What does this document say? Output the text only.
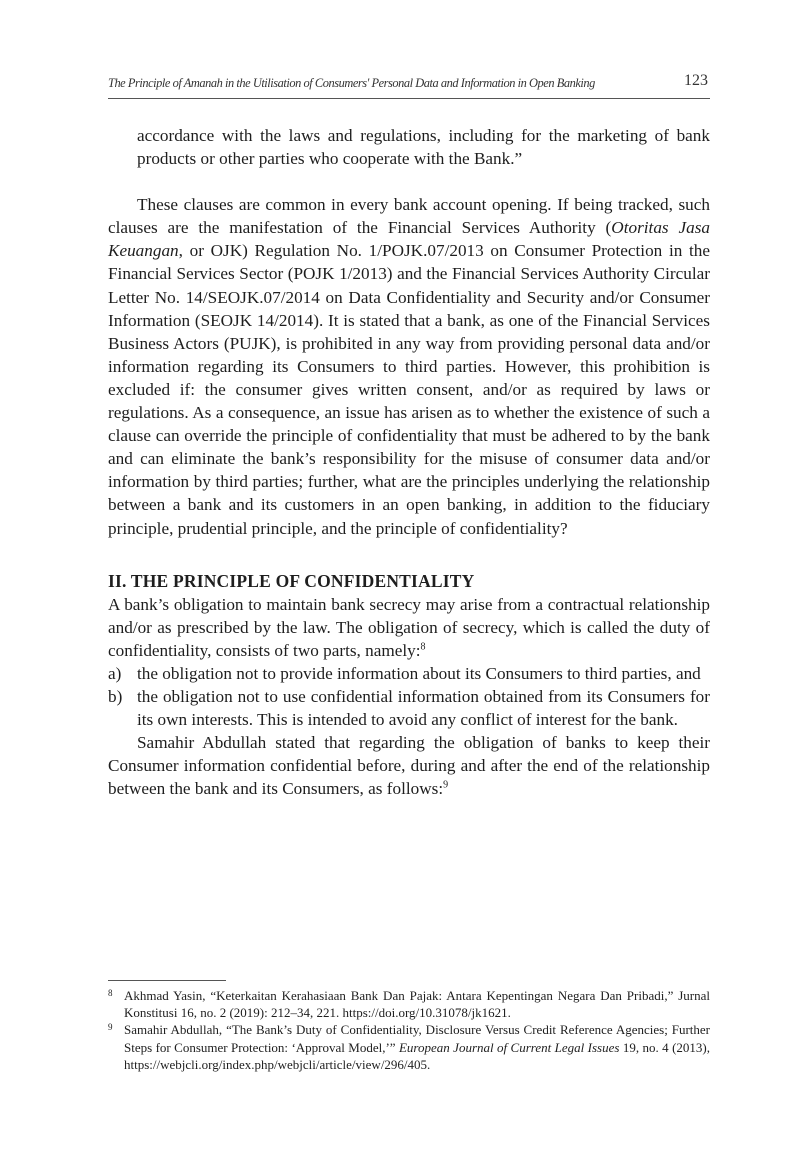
The Principle of Amanah in the Utilisation of Consumers' Personal Data and Information in Open Banking	123

accordance with the laws and regulations, including for the marketing of bank products or other parties who cooperate with the Bank.”

These clauses are common in every bank account opening. If being tracked, such clauses are the manifestation of the Financial Services Authority (Otoritas Jasa Keuangan, or OJK) Regulation No. 1/POJK.07/2013 on Consumer Protection in the Financial Services Sector (POJK 1/2013) and the Financial Services Authority Circular Letter No. 14/SEOJK.07/2014 on Data Confidentiality and Security and/or Consumer Information (SEOJK 14/2014). It is stated that a bank, as one of the Financial Services Business Actors (PUJK), is prohibited in any way from providing personal data and/or information regarding its Consumers to third parties. However, this prohibition is excluded if: the consumer gives written consent, and/or as required by laws or regulations. As a consequence, an issue has arisen as to whether the existence of such a clause can override the principle of confidentiality that must be adhered to by the bank and can eliminate the bank’s responsibility for the misuse of consumer data and/or information by third parties; further, what are the principles underlying the relationship between a bank and its customers in an open banking, in addition to the fiduciary principle, prudential principle, and the principle of confidentiality?

II. THE PRINCIPLE OF CONFIDENTIALITY

A bank’s obligation to maintain bank secrecy may arise from a contractual relationship and/or as prescribed by the law. The obligation of secrecy, which is called the duty of confidentiality, consists of two parts, namely:$^8$

a) the obligation not to provide information about its Consumers to third parties, and

b) the obligation not to use confidential information obtained from its Consumers for its own interests. This is intended to avoid any conflict of interest for the bank.

Samahir Abdullah stated that regarding the obligation of banks to keep their Consumer information confidential before, during and after the end of the relationship between the bank and its Consumers, as follows:$^9$

8 Akhmad Yasin, “Keterkaitan Kerahasiaan Bank Dan Pajak: Antara Kepentingan Negara Dan Pribadi,” Jurnal Konstitusi 16, no. 2 (2019): 212–34, 221. https://doi.org/10.31078/jk1621.

9 Samahir Abdullah, “The Bank’s Duty of Confidentiality, Disclosure Versus Credit Reference Agencies; Further Steps for Consumer Protection: ‘Approval Model,’” European Journal of Current Legal Issues 19, no. 4 (2013), https://webjcli.org/index.php/webjcli/article/view/296/405.
